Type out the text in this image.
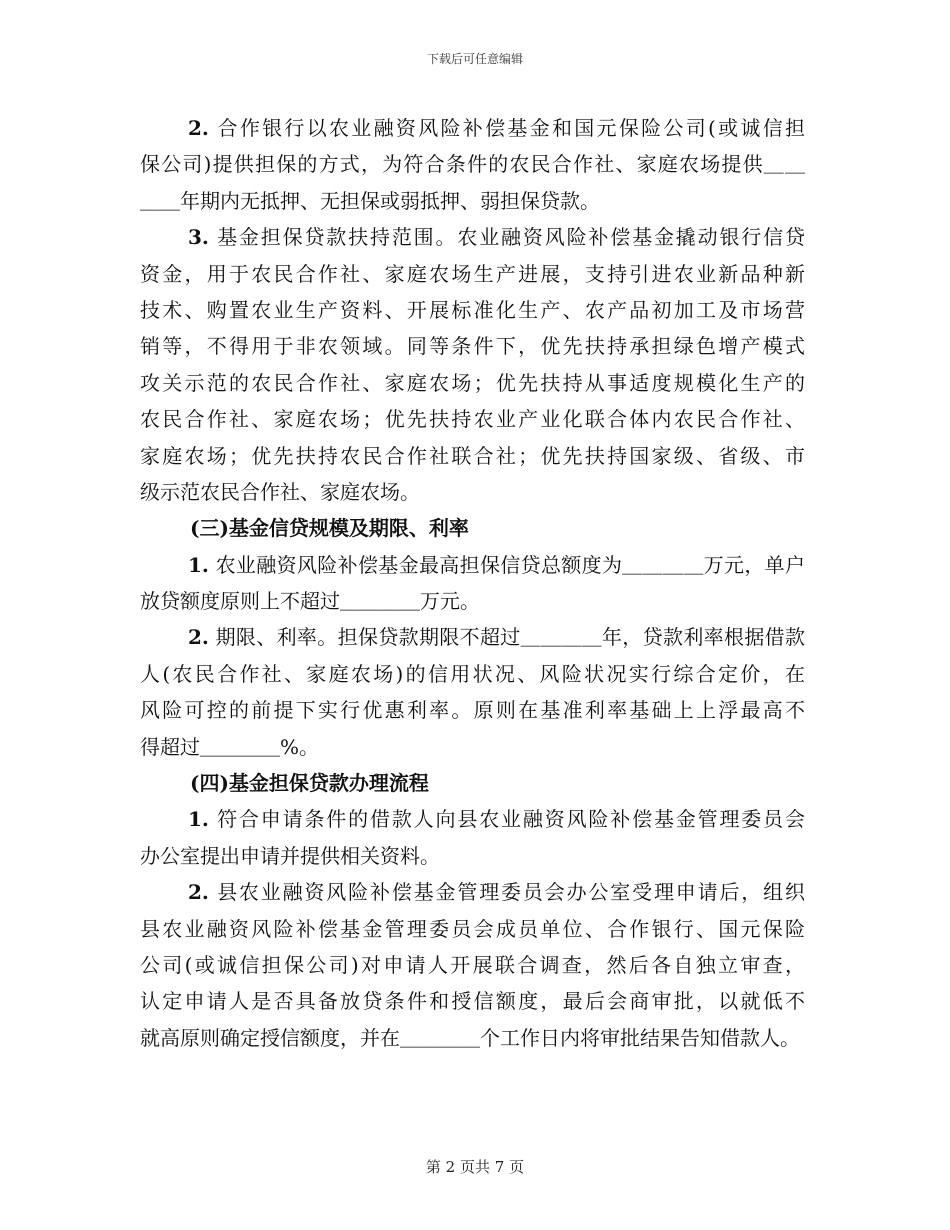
下载后可任意编辑
2. 合作银行以农业融资风险补偿基金和国元保险公司(或诚信担
保公司)提供担保的方式，为符合条件的农民合作社、家庭农场提供＿＿
＿＿年期内无抵押、无担保或弱抵押、弱担保贷款。
3. 基金担保贷款扶持范围。农业融资风险补偿基金撬动银行信贷
资金，用于农民合作社、家庭农场生产进展，支持引进农业新品种新
技术、购置农业生产资料、开展标准化生产、农产品初加工及市场营
销等，不得用于非农领域。同等条件下，优先扶持承担绿色增产模式
攻关示范的农民合作社、家庭农场；优先扶持从事适度规模化生产的
农民合作社、家庭农场；优先扶持农业产业化联合体内农民合作社、
家庭农场；优先扶持农民合作社联合社；优先扶持国家级、省级、市
级示范农民合作社、家庭农场。
(三)基金信贷规模及期限、利率
1. 农业融资风险补偿基金最高担保信贷总额度为＿＿＿＿万元，单户
放贷额度原则上不超过＿＿＿＿万元。
2. 期限、利率。担保贷款期限不超过＿＿＿＿年，贷款利率根据借款
人(农民合作社、家庭农场)的信用状况、风险状况实行综合定价，在
风险可控的前提下实行优惠利率。原则在基准利率基础上上浮最高不
得超过＿＿＿＿%。
(四)基金担保贷款办理流程
1. 符合申请条件的借款人向县农业融资风险补偿基金管理委员会
办公室提出申请并提供相关资料。
2. 县农业融资风险补偿基金管理委员会办公室受理申请后，组织
县农业融资风险补偿基金管理委员会成员单位、合作银行、国元保险
公司(或诚信担保公司)对申请人开展联合调查，然后各自独立审查，
认定申请人是否具备放贷条件和授信额度，最后会商审批，以就低不
就高原则确定授信额度，并在＿＿＿＿个工作日内将审批结果告知借款人。
第 2 页共 7 页
